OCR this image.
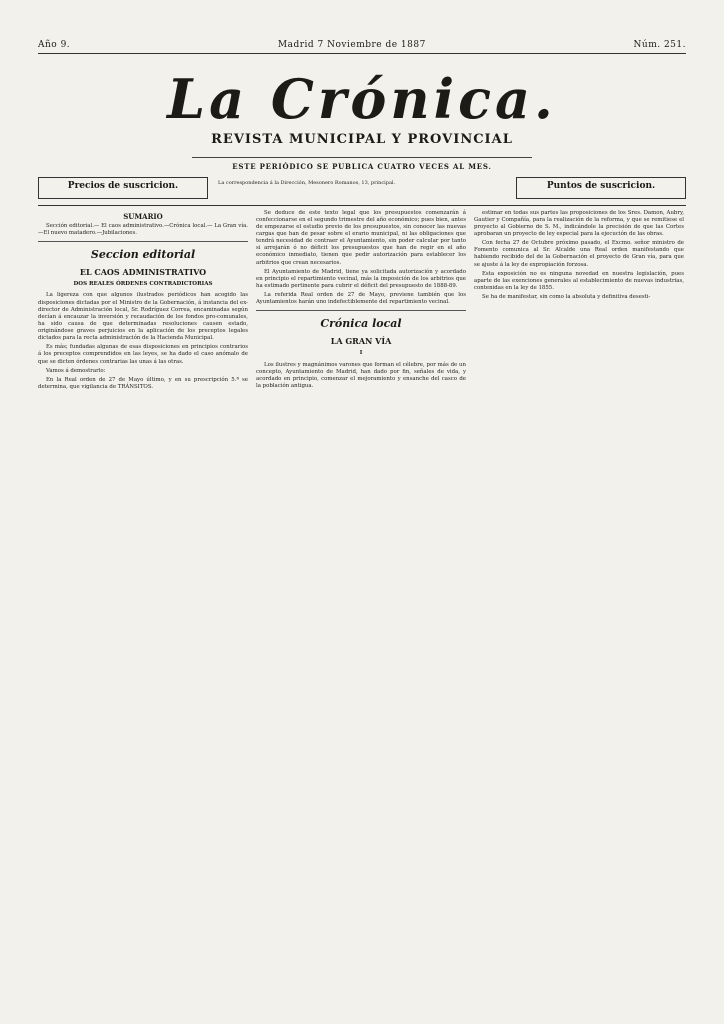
Año 9.	Madrid 7 Noviembre de 1887	Núm. 251.
La Crónica.
REVISTA MUNICIPAL Y PROVINCIAL
ESTE PERIÓDICO SE PUBLICA CUATRO VECES AL MES.
Precios de suscricion.	La correspondencia á la Dirección, Mesonero Romanos, 13, principal.	Puntos de suscricion.
SUMARIO

Sección editorial.— El caos administrativo.—Crónica local.— La Gran vía.—El nuevo matadero.—Jubilaciones.

Seccion editorial
EL CAOS ADMINISTRATIVO
DOS REALES ÓRDENES CONTRADICTORIAS

La ligereza con que algunos ilustrados periódicos han acogido las disposiciones dictadas por el Ministro de la Gobernación, á instancia del ex-director de Administración local, Sr. Rodríguez Correa, encaminadas según decían á encauzar la inversión y recaudación de los fondos pro-comunales, ha sido causa de que determinadas resoluciones causen estado, originándose graves perjuicios en la aplicación de los preceptos legales dictados para la recta administración de la Hacienda Municipal.

Es más; fundadas algunas de esas disposiciones en principios contrarios á los preceptos comprendidos en las leyes, se ha dado el caso anómalo de que se dicten órdenes contrarias las unas á las otras.

Vamos á demostrarlo:

En la Real orden de 27 de Mayo último, y en su prescripción 5.ª se determina, que vigilancia de TRÁNSITOS.

Se deduce de este texto legal que los presupuestos comenzarán á confeccionarse en el segundo trimestre del año económico; pues bien, antes de empezarse el estudio previo de los presupuestos, sin conocer las nuevas cargas que han de pesar sobre el erario municipal, ni las obligaciones que tendrá necesidad de contraer el Ayuntamiento, sin poder calcular por tanto si arrojarán ó no déficit los presupuestos que han de regir en el año económico inmediato, tienen que pedir autorización para establecer los arbitrios que crean necesarios.

El Ayuntamiento de Madrid, tiene ya solicitada autorización y acordado en principio el repartimiento vecinal, más la imposición de los arbitrios que ha estimado pertinente para cubrir el déficit del presupuesto de 1888-89.

La referida Real orden de 27 de Mayo, previene también que los Ayuntamientos harán uno indefectiblemente del repartimiento vecinal.

Crónica local
LA GRAN VÍA
I

Los ilustres y magnánimos varones que forman el célebre, por más de un concepto, Ayuntamiento de Madrid, han dado por fin, señales de vida, y acordado en principio, comenzar el mejoramiento y ensanche del casco de la población antigua.

estimar en todas sus partes las proposiciones de los Sres. Damon, Aubry, Gautier y Compañía, para la realización de la reforma, y que se remitiese el proyecto al Gobierno de S. M., indicándole la precisión de que las Cortes aprobaran un proyecto de ley especial para la ejecución de las obras.

Con fecha 27 de Octubre próximo pasado, el Excmo. señor ministro de Fomento comunica al Sr. Alcalde una Real orden manifestando que habiendo recibido del de la Gobernación el proyecto de Gran vía, para que se ajuste á la ley de expropiación forzosa.

Esta exposición no es ninguna novedad en nuestra legislación, pues aparte de las exenciones generales al establecimiento de nuevas industrias, contenidas en la ley de 1855.

Se ha de manifestar, sin como la absoluta y definitiva desesti-
